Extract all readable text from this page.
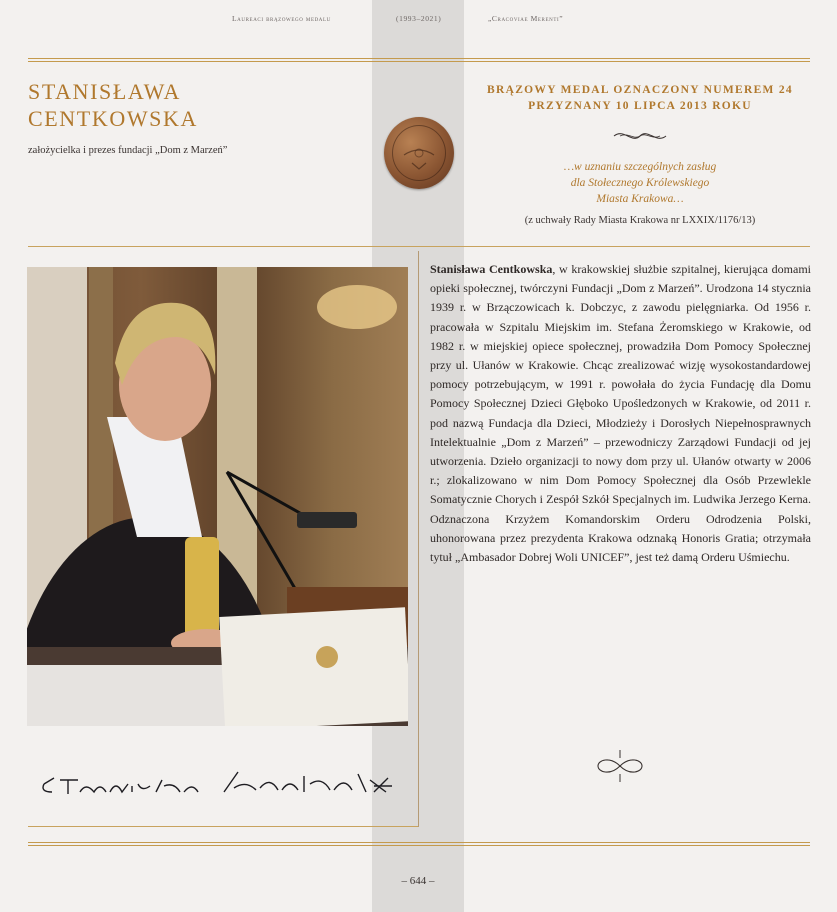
Laureaci brązowego medalu	(1993–2021)	„Cracoviae Merenti”
STANISŁAWA
CENTKOWSKA
założycielka i prezes fundacji „Dom z Marzeń”
BRĄZOWY MEDAL OZNACZONY NUMEREM 24
PRZYZNANY 10 LIPCA 2013 ROKU
…w uznaniu szczególnych zasług
dla Stołecznego Królewskiego
Miasta Krakowa…
(z uchwały Rady Miasta Krakowa nr LXXIX/1176/13)
Stanisława Centkowska, w krakowskiej służbie szpitalnej, kierująca domami opieki społecznej, twórczyni Fundacji „Dom z Marzeń”. Urodzona 14 stycznia 1939 r. w Brzączowicach k. Dobczyc, z zawodu pielęgniarka. Od 1956 r. pracowała w Szpitalu Miejskim im. Stefana Żeromskiego w Krakowie, od 1982 r. w miejskiej opiece społecznej, prowadziła Dom Pomocy Społecznej przy ul. Ułanów w Krakowie. Chcąc zrealizować wizję wysokostandardowej pomocy potrzebującym, w 1991 r. powołała do życia Fundację dla Domu Pomocy Społecznej Dzieci Głęboko Upośledzonych w Krakowie, od 2011 r. pod nazwą Fundacja dla Dzieci, Młodzieży i Dorosłych Niepełnosprawnych Intelektualnie „Dom z Marzeń” – przewodniczy Zarządowi Fundacji od jej utworzenia. Dzieło organizacji to nowy dom przy ul. Ułanów otwarty w 2006 r.; zlokalizowano w nim Dom Pomocy Społecznej dla Osób Przewlekle Somatycznie Chorych i Zespół Szkół Specjalnych im. Ludwika Jerzego Kerna. Odznaczona Krzyżem Komandorskim Orderu Odrodzenia Polski, uhonorowana przez prezydenta Krakowa odznaką Honoris Gratia; otrzymała tytuł „Ambasador Dobrej Woli UNICEF”, jest też damą Orderu Uśmiechu.
– 644 –
